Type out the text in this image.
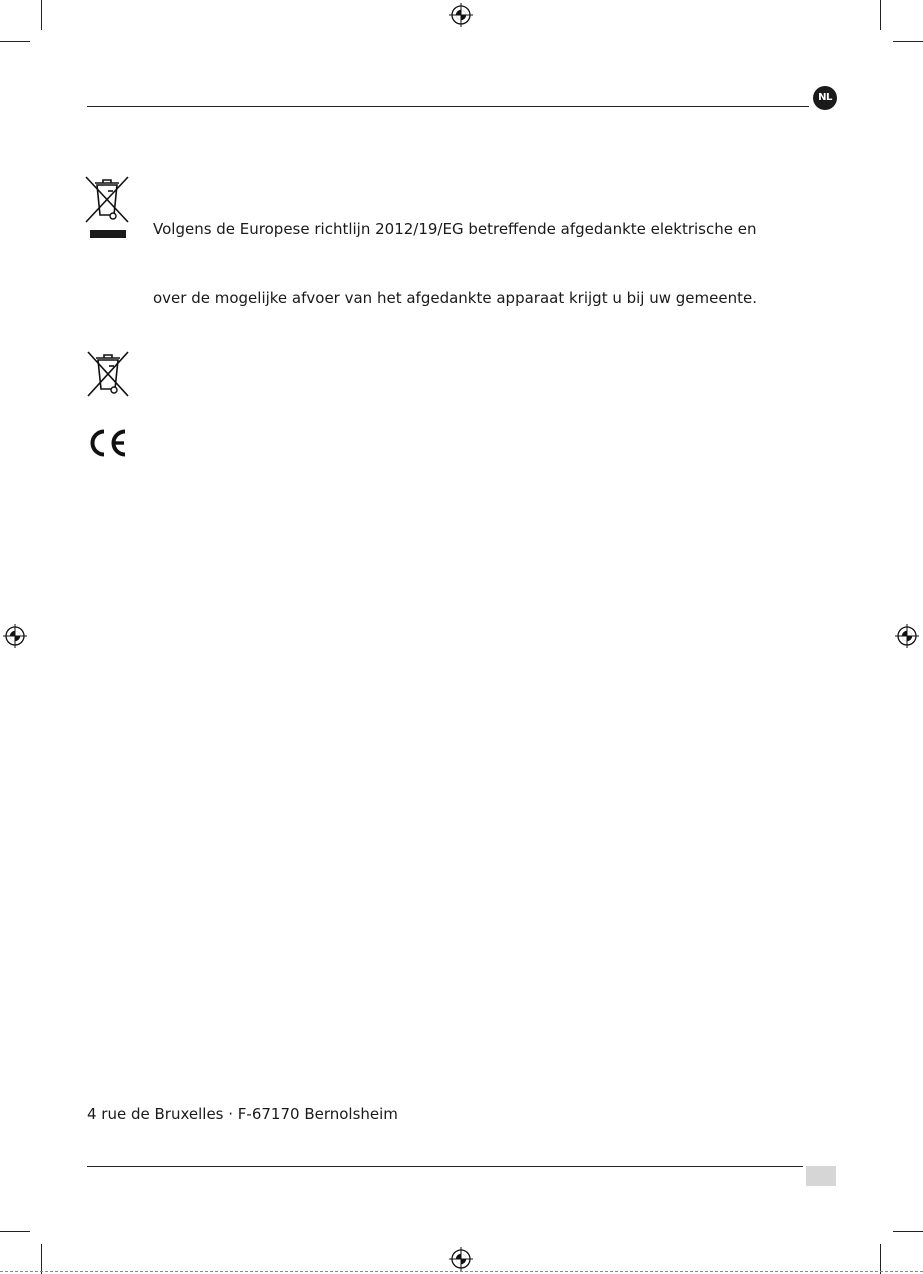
NL
Volgens de Europese richtlijn 2012/19/EG betreffende afgedankte elektrische en
over de mogelijke afvoer van het afgedankte apparaat krijgt u bij uw gemeente.
4 rue de Bruxelles · F-67170 Bernolsheim
